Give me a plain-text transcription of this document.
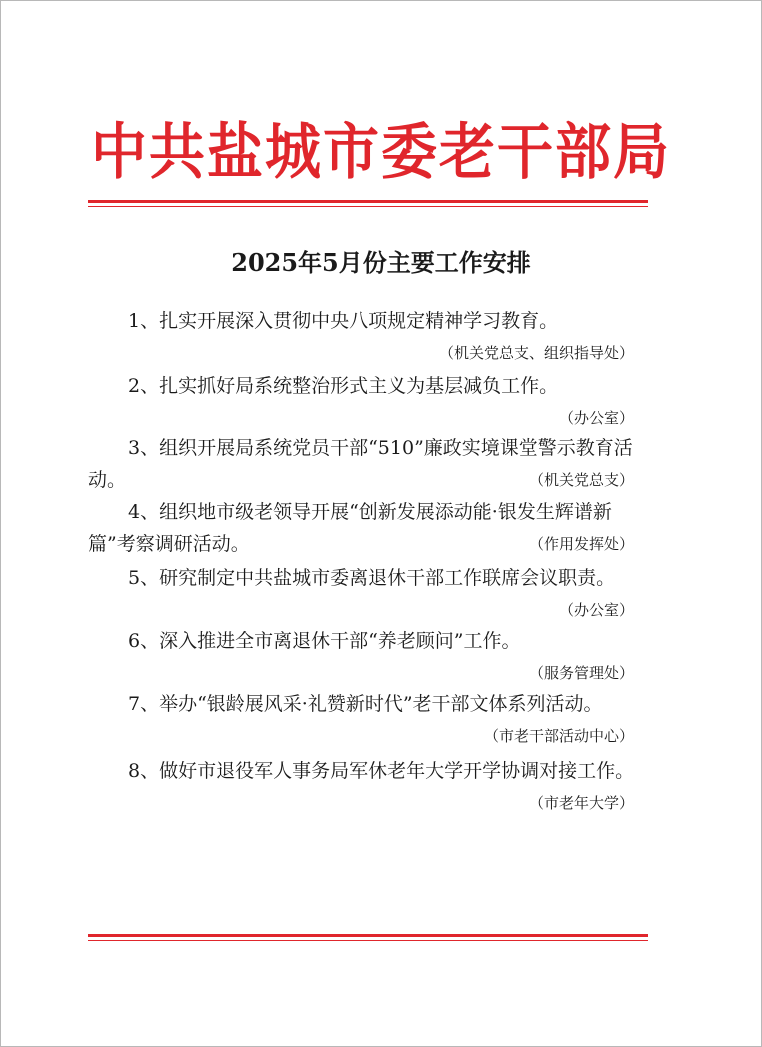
中共盐城市委老干部局
2025年5月份主要工作安排
1、扎实开展深入贯彻中央八项规定精神学习教育。
（机关党总支、组织指导处）
2、扎实抓好局系统整治形式主义为基层减负工作。
（办公室）
3、组织开展局系统党员干部“510”廉政实境课堂警示教育活动。	（机关党总支）
4、组织地市级老领导开展“创新发展添动能·银发生辉谱新篇”考察调研活动。	（作用发挥处）
5、研究制定中共盐城市委离退休干部工作联席会议职责。
（办公室）
6、深入推进全市离退休干部“养老顾问”工作。
（服务管理处）
7、举办“银龄展风采·礼赞新时代”老干部文体系列活动。
（市老干部活动中心）
8、做好市退役军人事务局军休老年大学开学协调对接工作。
（市老年大学）
